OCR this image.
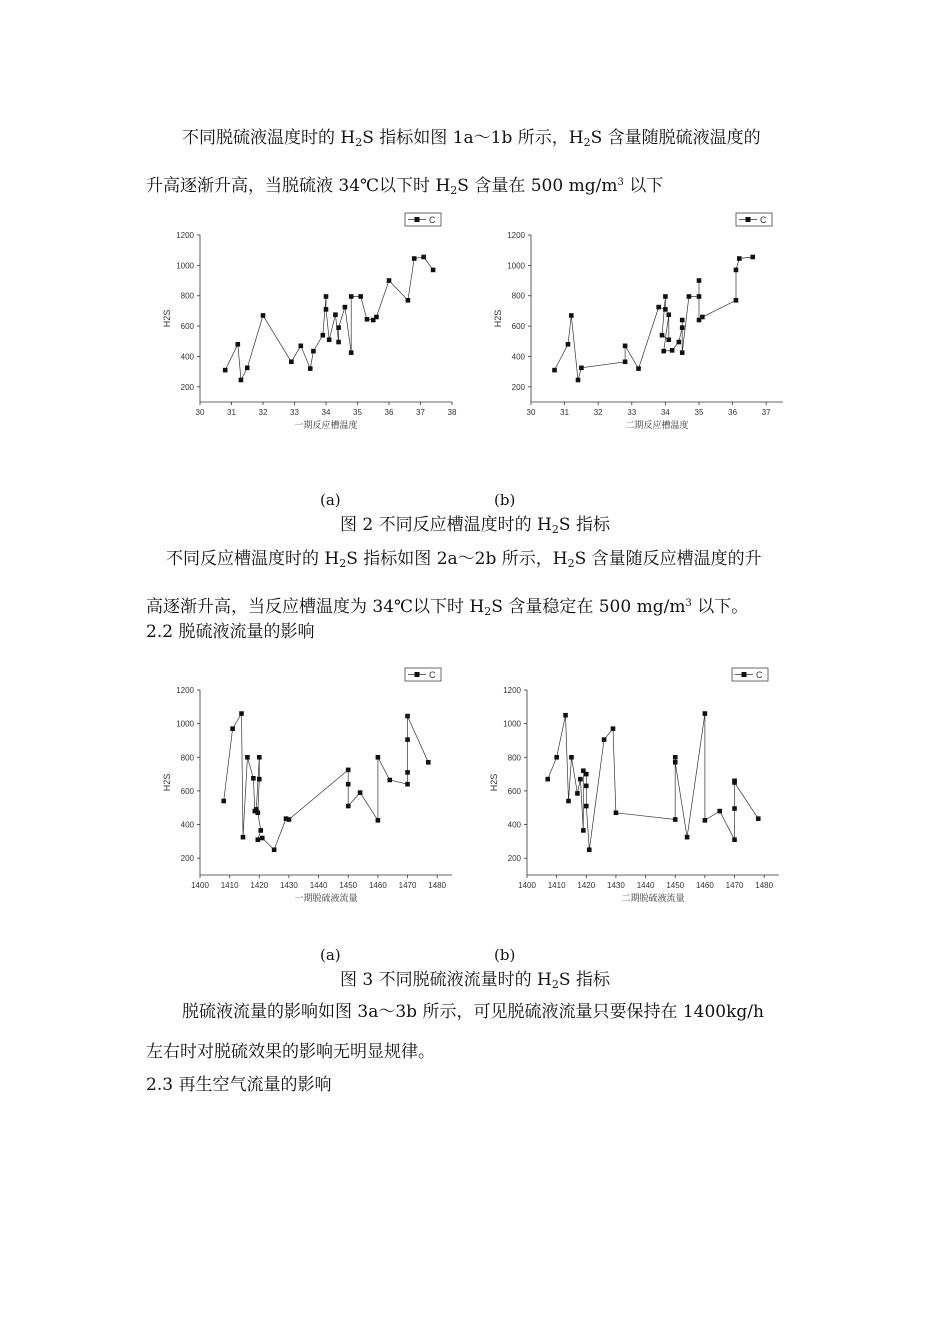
不同脱硫液温度时的 $H_2S$ 指标如图 1a～1b 所示，$H_2S$ 含量随脱硫液温度的
升高逐渐升高，当脱硫液 34℃以下时 $H_2S$ 含量在 500 $mg/m^3$ 以下
30	31	32	33	34	35	36	37	38
200
400
600
800
1000
1200
一期反应槽温度
H2S
C
30	31	32	33	34	35	36	37
200
400
600
800
1000
1200
二期反应槽温度
H2S
C
(a)	(b)
图 2 不同反应槽温度时的 $H_2S$ 指标
不同反应槽温度时的 $H_2S$ 指标如图 2a～2b 所示，$H_2S$ 含量随反应槽温度的升
高逐渐升高，当反应槽温度为 34℃以下时 $H_2S$ 含量稳定在 500 $mg/m^3$ 以下。
2.2 脱硫液流量的影响
1400 1410 1420 1430 1440 1450 1460 1470 1480
200
400
600
800
1000
1200
一期脱硫液流量
H2S
C
1400 1410 1420 1430 1440 1450 1460 1470 1480
200
400
600
800
1000
1200
二期脱硫液流量
H2S
C
(a)	(b)
图 3 不同脱硫液流量时的 $H_2S$ 指标
脱硫液流量的影响如图 3a～3b 所示，可见脱硫液流量只要保持在 1400kg/h
左右时对脱硫效果的影响无明显规律。
2.3 再生空气流量的影响
